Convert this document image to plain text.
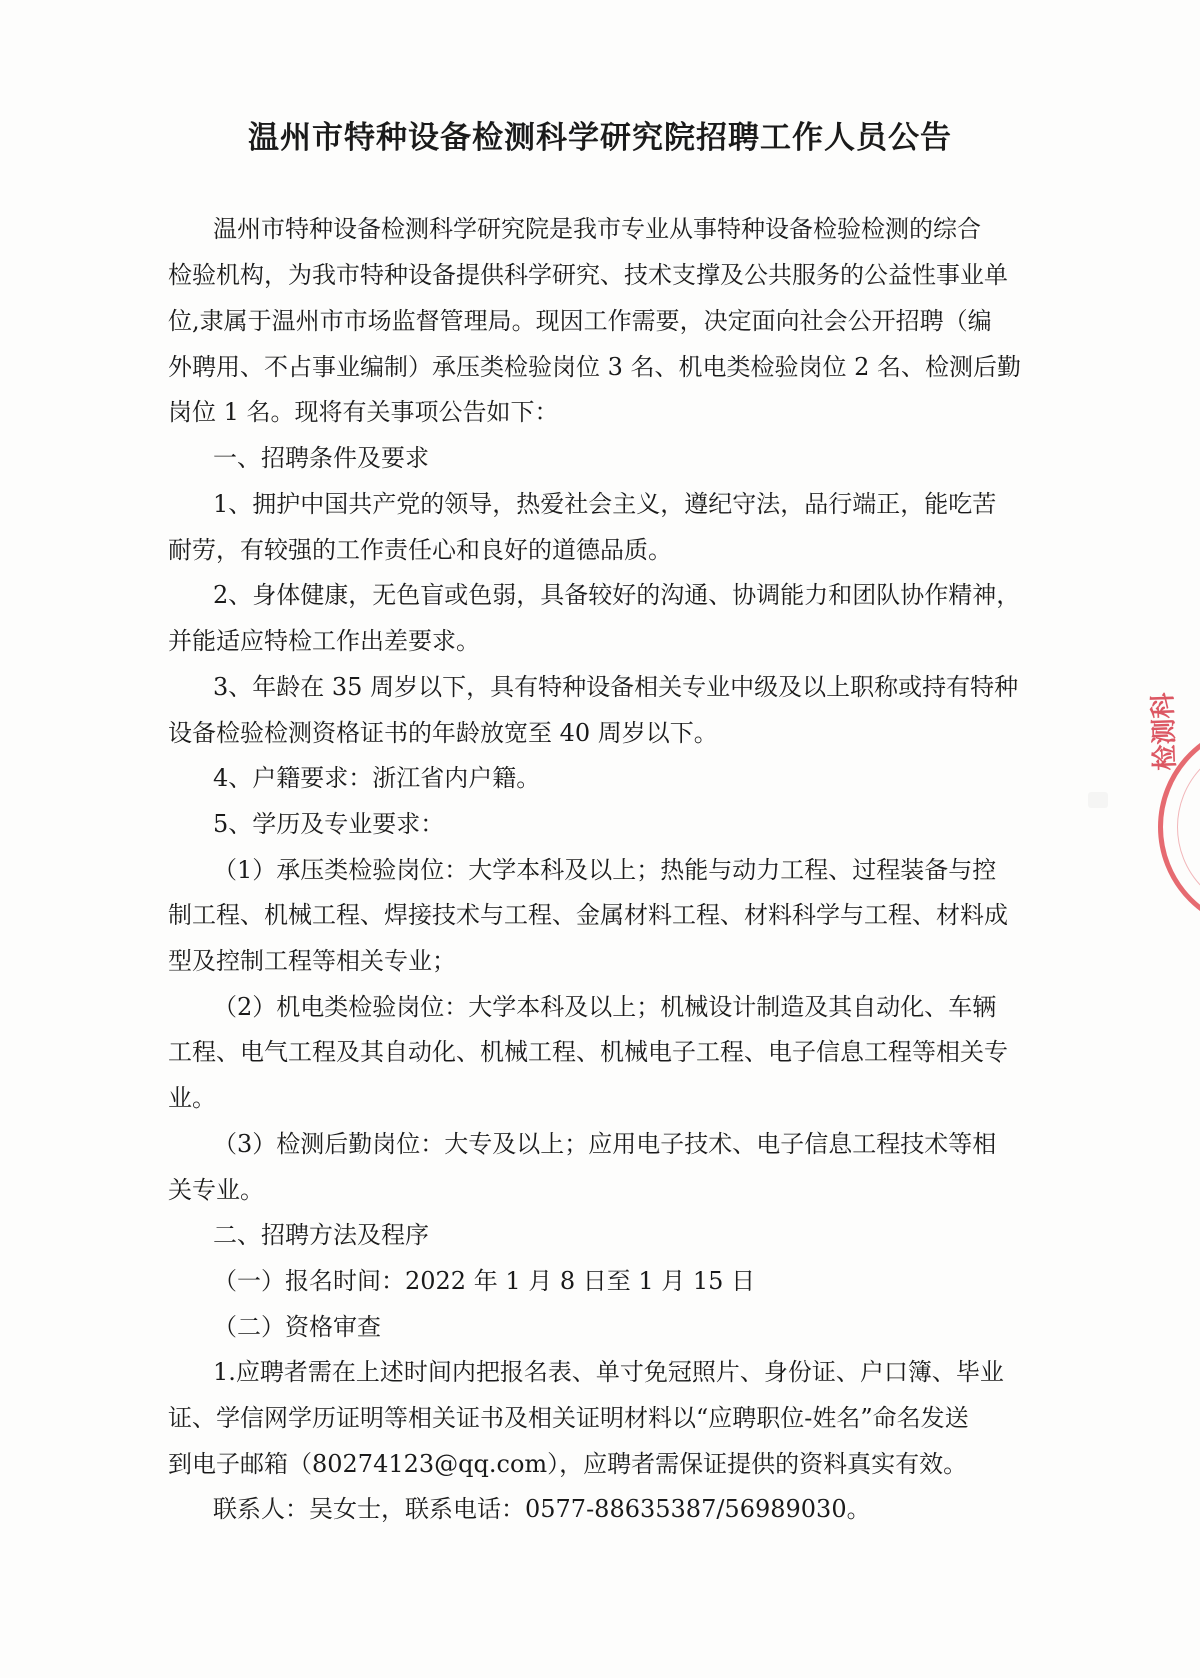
温州市特种设备检测科学研究院招聘工作人员公告
温州市特种设备检测科学研究院是我市专业从事特种设备检验检测的综合
检验机构，为我市特种设备提供科学研究、技术支撑及公共服务的公益性事业单
位,隶属于温州市市场监督管理局。现因工作需要，决定面向社会公开招聘（编
外聘用、不占事业编制）承压类检验岗位 3 名、机电类检验岗位 2 名、检测后勤
岗位 1 名。现将有关事项公告如下：
一、招聘条件及要求
1、拥护中国共产党的领导，热爱社会主义，遵纪守法，品行端正，能吃苦
耐劳，有较强的工作责任心和良好的道德品质。
2、身体健康，无色盲或色弱，具备较好的沟通、协调能力和团队协作精神，
并能适应特检工作出差要求。
3、年龄在 35 周岁以下，具有特种设备相关专业中级及以上职称或持有特种
设备检验检测资格证书的年龄放宽至 40 周岁以下。
4、户籍要求：浙江省内户籍。
5、学历及专业要求：
（1）承压类检验岗位：大学本科及以上；热能与动力工程、过程装备与控
制工程、机械工程、焊接技术与工程、金属材料工程、材料科学与工程、材料成
型及控制工程等相关专业；
（2）机电类检验岗位：大学本科及以上；机械设计制造及其自动化、车辆
工程、电气工程及其自动化、机械工程、机械电子工程、电子信息工程等相关专
业。
（3）检测后勤岗位：大专及以上；应用电子技术、电子信息工程技术等相
关专业。
二、招聘方法及程序
（一）报名时间：2022 年 1 月 8 日至 1 月 15 日
（二）资格审查
1.应聘者需在上述时间内把报名表、单寸免冠照片、身份证、户口簿、毕业
证、学信网学历证明等相关证书及相关证明材料以“应聘职位-姓名”命名发送
到电子邮箱（80274123@qq.com），应聘者需保证提供的资料真实有效。
联系人：吴女士，联系电话：0577-88635387/56989030。
检测科
